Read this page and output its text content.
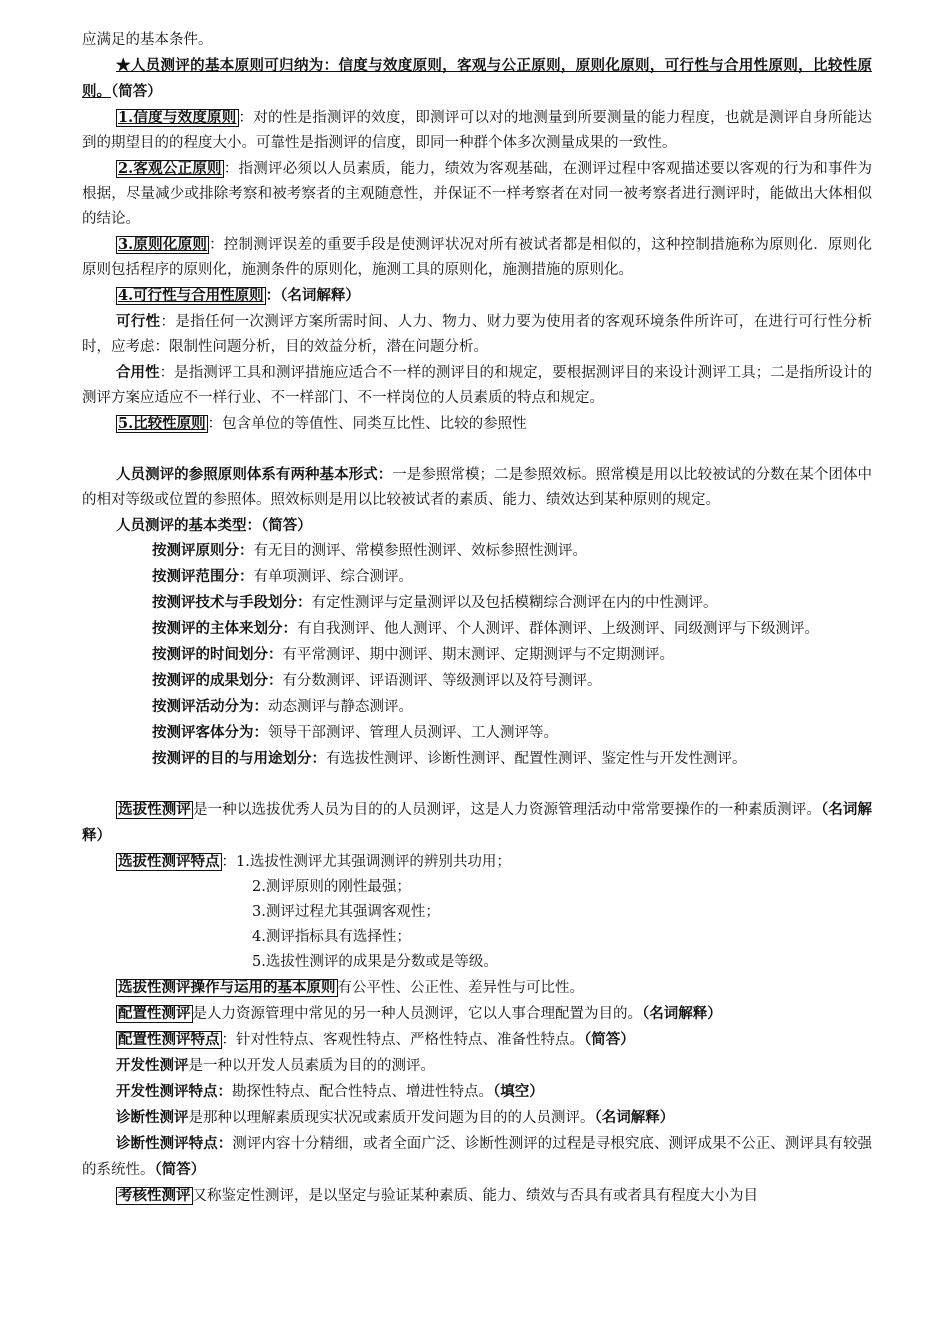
应满足的基本条件。

★人员测评的基本原则可归纳为：信度与效度原则，客观与公正原则，原则化原则，可行性与合用性原则，比较性原则。（简答）

1.信度与效度原则 ：对的性是指测评的效度，即测评可以对的地测量到所要测量的能力程度，也就是测评自身所能达到的期望目的的程度大小。可靠性是指测评的信度，即同一种群个体多次测量成果的一致性。

2.客观公正原则 ：指测评必须以人员素质，能力，绩效为客观基础，在测评过程中客观描述要以客观的行为和事件为根据，尽量减少或排除考察和被考察者的主观随意性，并保证不一样考察者在对同一被考察者进行测评时，能做出大体相似的结论。

3.原则化原则 ：控制测评误差的重要手段是使测评状况对所有被试者都是相似的，这种控制措施称为原则化．原则化原则包括程序的原则化，施测条件的原则化，施测工具的原则化，施测措施的原则化。

4.可行性与合用性原则 ：（名词解释）

可行性：是指任何一次测评方案所需时间、人力、物力、财力要为使用者的客观环境条件所许可，在进行可行性分析时，应考虑：限制性问题分析，目的效益分析，潜在问题分析。

合用性：是指测评工具和测评措施应适合不一样的测评目的和规定，要根据测评目的来设计测评工具；二是指所设计的测评方案应适应不一样行业、不一样部门、不一样岗位的人员素质的特点和规定。

5.比较性原则 ：包含单位的等值性、同类互比性、比较的参照性

人员测评的参照原则体系有两种基本形式：一是参照常模；二是参照效标。照常模是用以比较被试的分数在某个团体中的相对等级或位置的参照体。照效标则是用以比较被试者的素质、能力、绩效达到某种原则的规定。

人员测评的基本类型：（简答）

按测评原则分：有无目的测评、常模参照性测评、效标参照性测评。

按测评范围分：有单项测评、综合测评。

按测评技术与手段划分：有定性测评与定量测评以及包括模糊综合测评在内的中性测评。

按测评的主体来划分：有自我测评、他人测评、个人测评、群体测评、上级测评、同级测评与下级测评。

按测评的时间划分：有平常测评、期中测评、期末测评、定期测评与不定期测评。

按测评的成果划分：有分数测评、评语测评、等级测评以及符号测评。

按测评活动分为：动态测评与静态测评。

按测评客体分为：领导干部测评、管理人员测评、工人测评等。

按测评的目的与用途划分：有选拔性测评、诊断性测评、配置性测评、鉴定性与开发性测评。

选拔性测评 是一种以选拔优秀人员为目的的人员测评，这是人力资源管理活动中常常要操作的一种素质测评。（名词解释）

选拔性测评特点 ：1.选拔性测评尤其强调测评的辨别共功用；

2.测评原则的刚性最强；

3.测评过程尤其强调客观性；

4.测评指标具有选择性；

5.选拔性测评的成果是分数或是等级。

选拔性测评操作与运用的基本原则 有公平性、公正性、差异性与可比性。

配置性测评 是人力资源管理中常见的另一种人员测评，它以人事合理配置为目的。（名词解释）

配置性测评特点 ：针对性特点、客观性特点、严格性特点、准备性特点。（简答）

开发性测评是一种以开发人员素质为目的的测评。

开发性测评特点：勘探性特点、配合性特点、增进性特点。（填空）

诊断性测评是那种以理解素质现实状况或素质开发问题为目的的人员测评。（名词解释）

诊断性测评特点：测评内容十分精细，或者全面广泛、诊断性测评的过程是寻根究底、测评成果不公正、测评具有较强的系统性。（简答）

考核性测评 又称鉴定性测评，是以坚定与验证某种素质、能力、绩效与否具有或者具有程度大小为目
